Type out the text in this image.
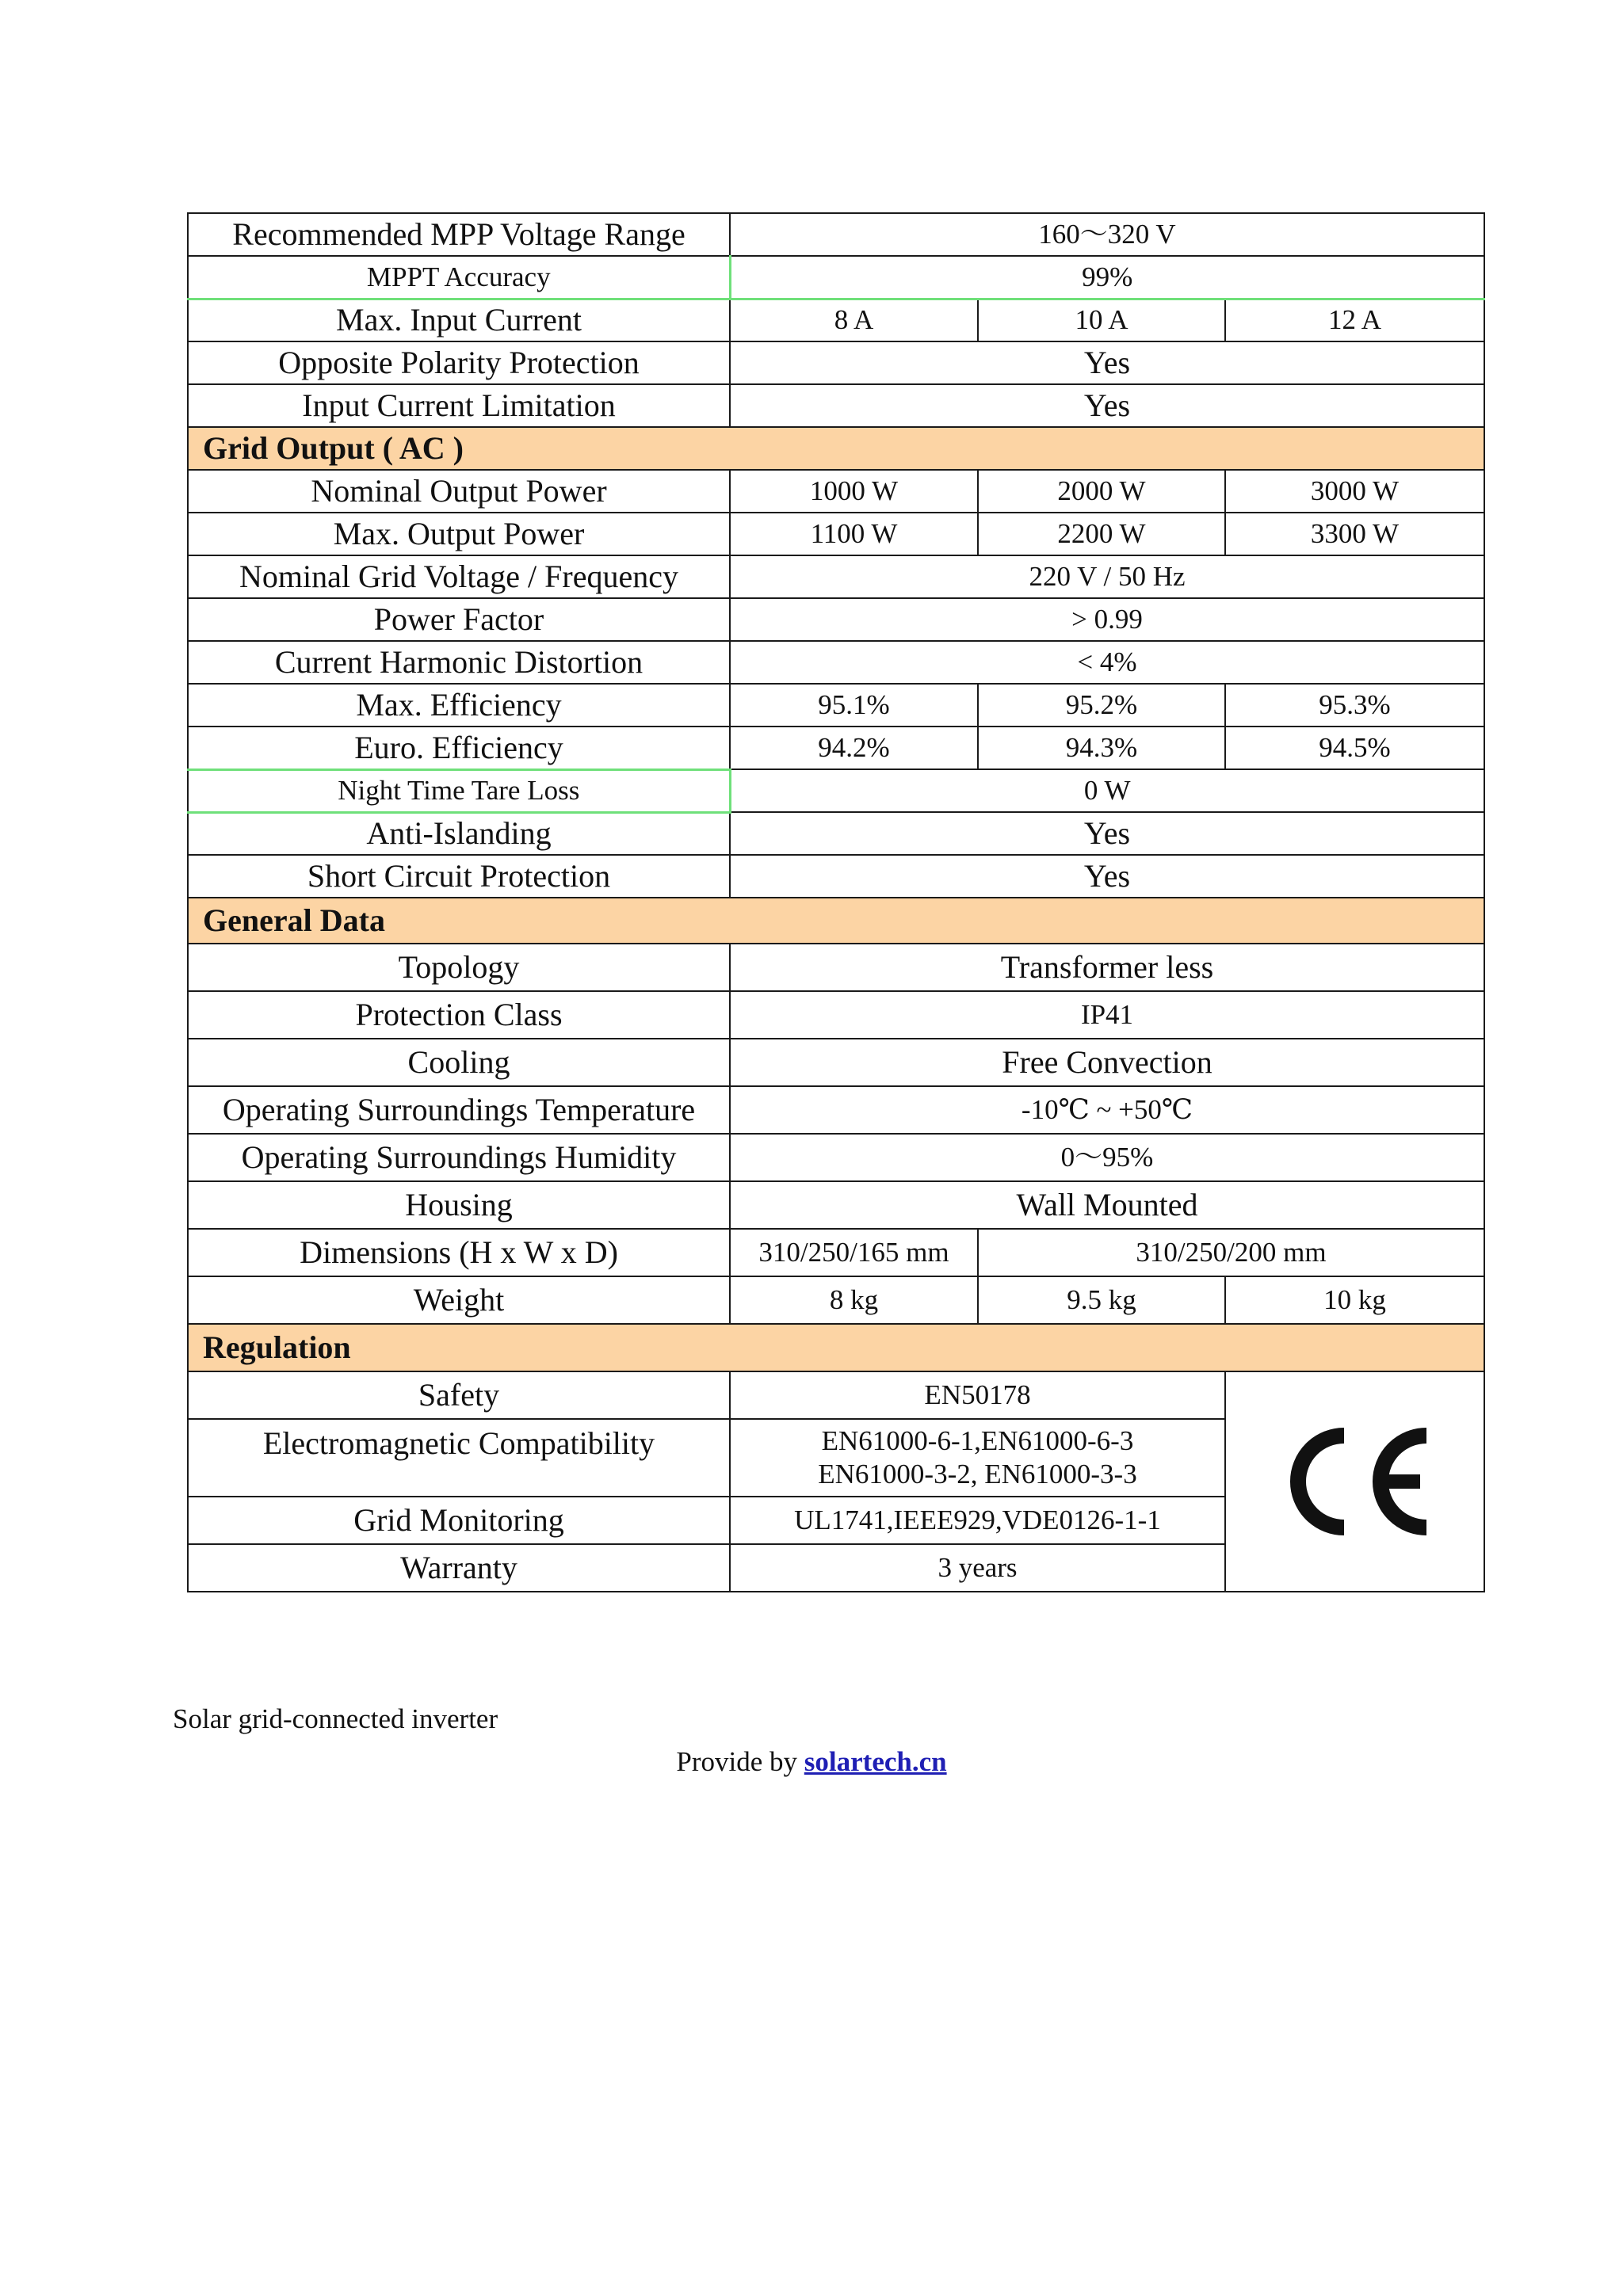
Recommended MPP Voltage Range	160～320 V		
MPPT Accuracy	99%		
Max. Input Current	8 A	10 A	12 A
Opposite Polarity Protection	Yes		
Input Current Limitation	Yes		
Grid Output ( AC )			
Nominal Output Power	1000 W	2000 W	3000 W
Max. Output Power	1100 W	2200 W	3300 W
Nominal Grid Voltage / Frequency	220 V / 50 Hz		
Power Factor	> 0.99		
Current Harmonic Distortion	< 4%		
Max. Efficiency	95.1%	95.2%	95.3%
Euro. Efficiency	94.2%	94.3%	94.5%
Night Time Tare Loss	0 W		
Anti-Islanding	Yes		
Short Circuit Protection	Yes		
General Data			
Topology	Transformer less		
Protection Class	IP41		
Cooling	Free Convection		
Operating Surroundings Temperature	-10℃ ~ +50℃		
Operating Surroundings Humidity	0～95%		
Housing	Wall Mounted		
Dimensions (H x W x D)	310/250/165 mm	310/250/200 mm	
Weight	8 kg	9.5 kg	10 kg
Regulation			
Safety	EN50178	

Electromagnetic Compatibility	EN61000-6-1,EN61000-6-3
EN61000-3-2, EN61000-3-3		

Grid Monitoring	UL1741,IEEE929,VDE0126-1-1		
Warranty	3 years		
Solar grid-connected inverter
Provide by solartech.cn
